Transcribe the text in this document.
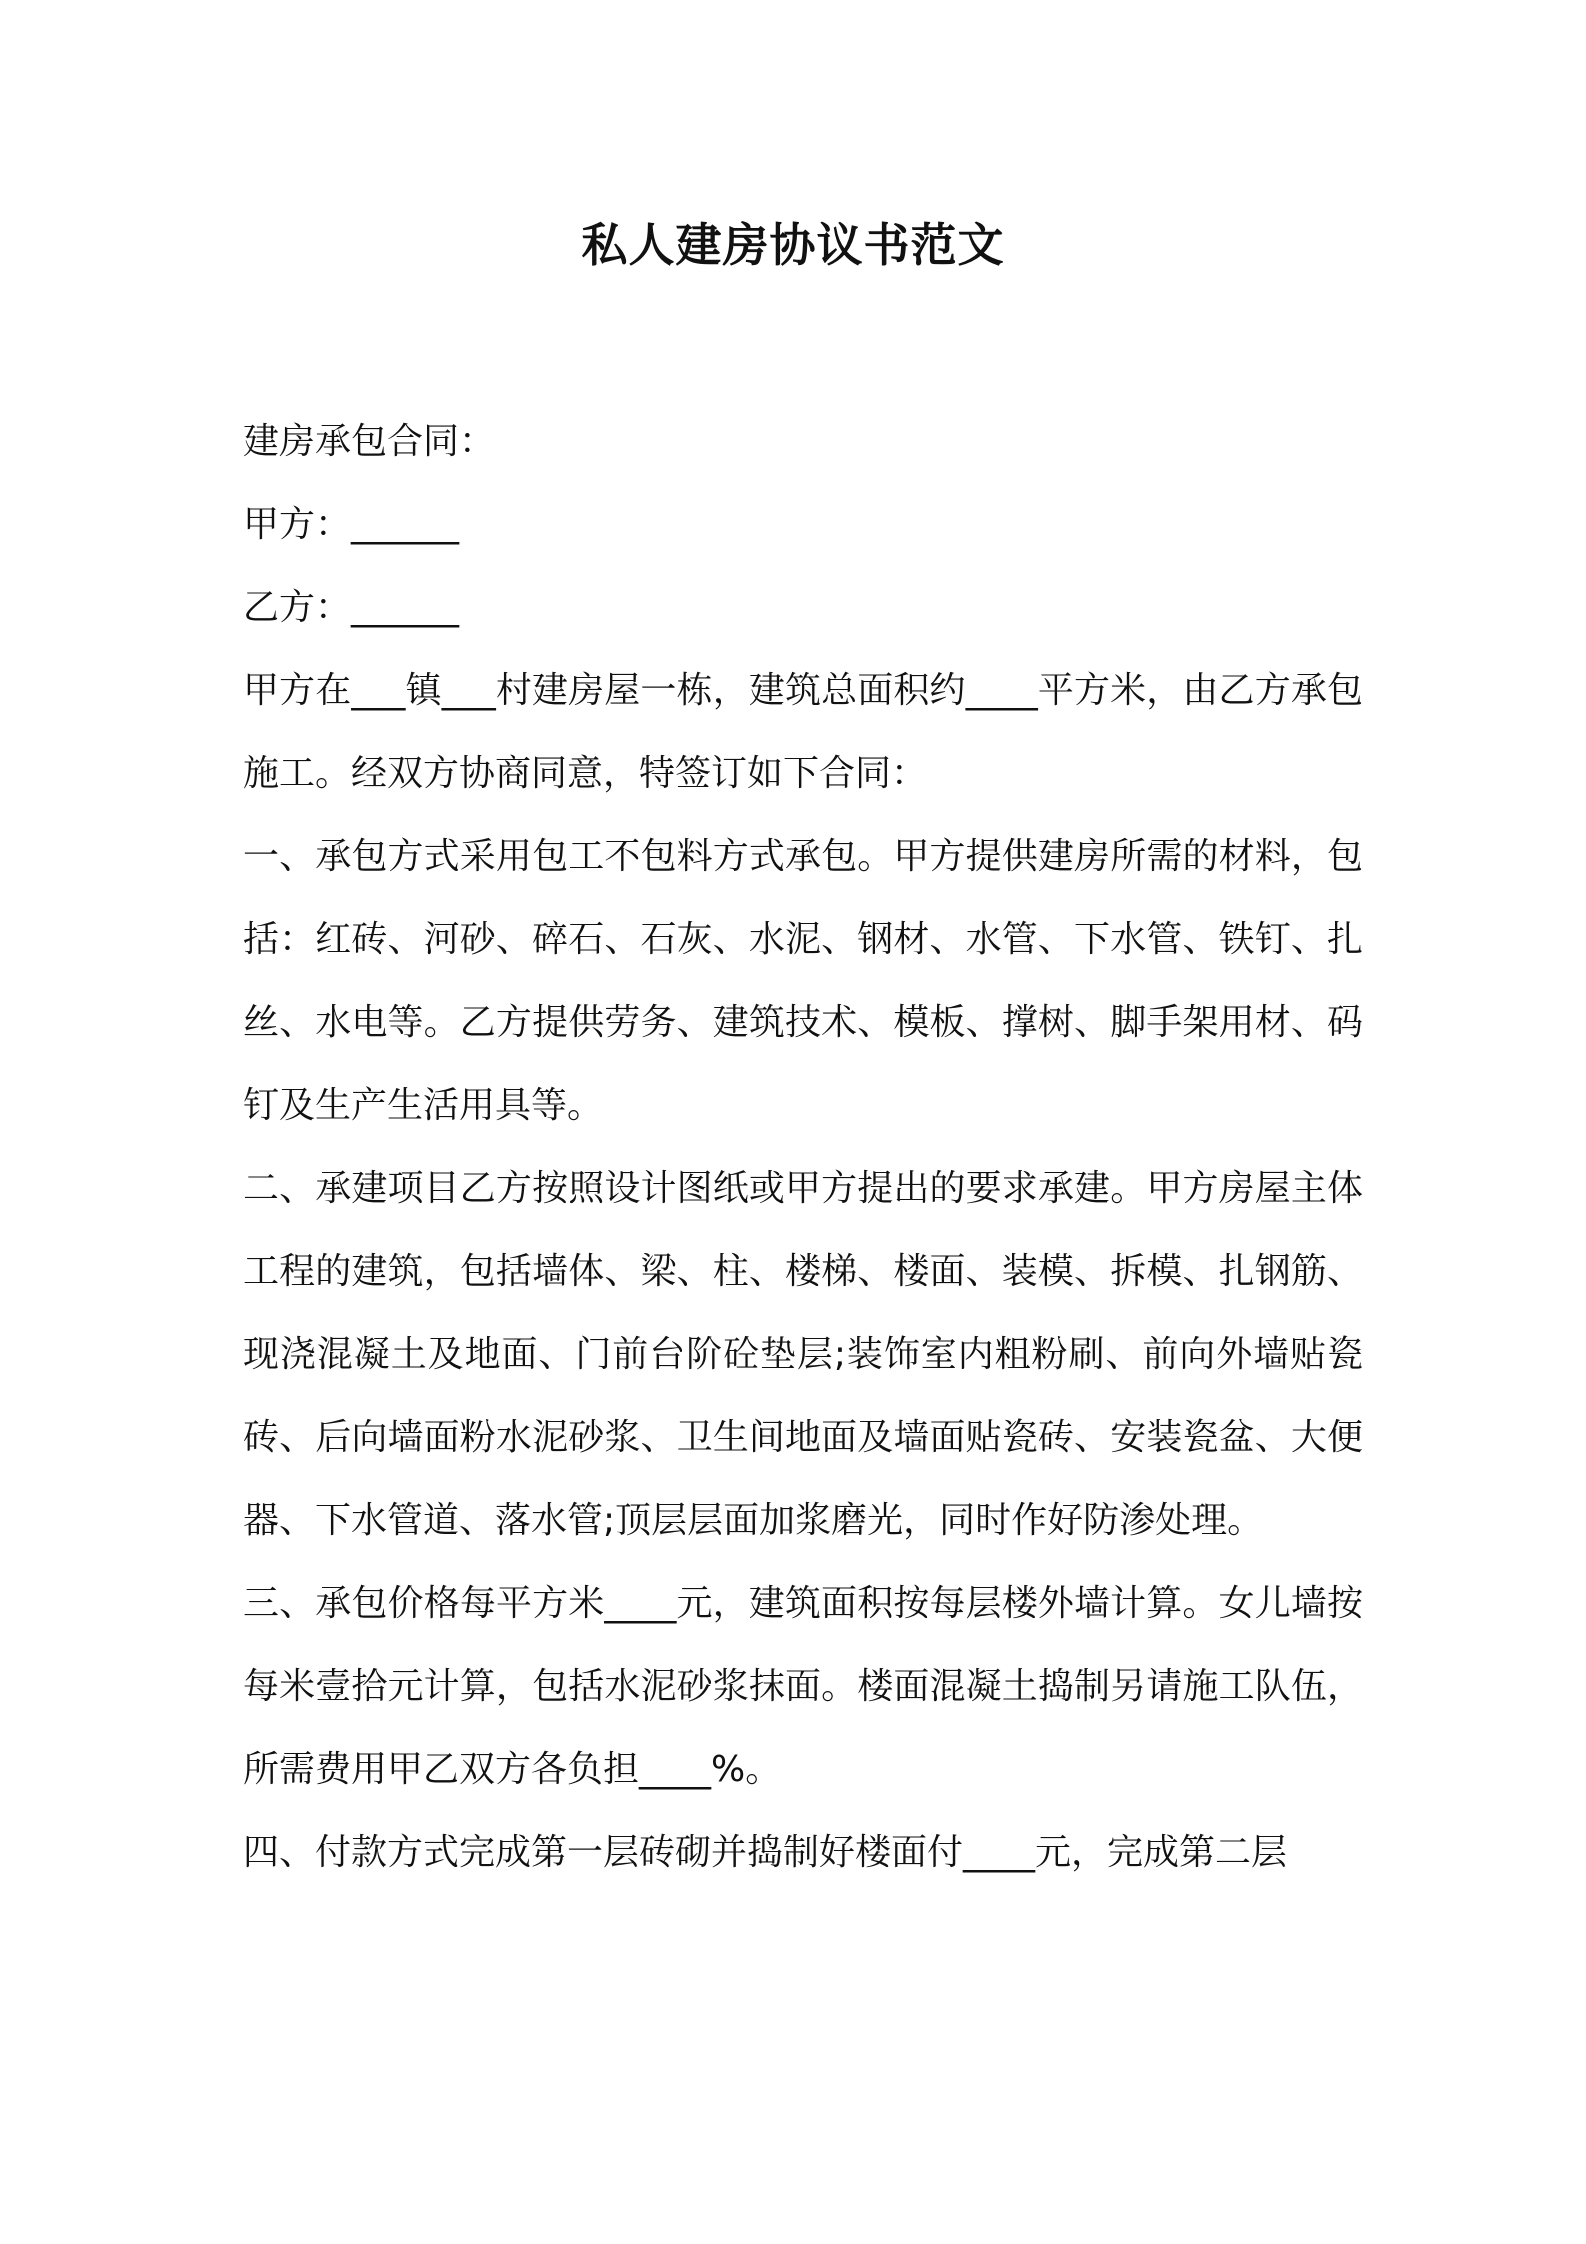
私人建房协议书范文

建房承包合同：

甲方：______

乙方：______

甲方在___镇___村建房屋一栋，建筑总面积约____平方米，由乙方承包施工。经双方协商同意，特签订如下合同：

一、承包方式采用包工不包料方式承包。甲方提供建房所需的材料，包括：红砖、河砂、碎石、石灰、水泥、钢材、水管、下水管、铁钉、扎丝、水电等。乙方提供劳务、建筑技术、模板、撑树、脚手架用材、码钉及生产生活用具等。

二、承建项目乙方按照设计图纸或甲方提出的要求承建。甲方房屋主体工程的建筑，包括墙体、梁、柱、楼梯、楼面、装模、拆模、扎钢筋、现浇混凝土及地面、门前台阶砼垫层;装饰室内粗粉刷、前向外墙贴瓷砖、后向墙面粉水泥砂浆、卫生间地面及墙面贴瓷砖、安装瓷盆、大便器、下水管道、落水管;顶层层面加浆磨光，同时作好防渗处理。

三、承包价格每平方米____元，建筑面积按每层楼外墙计算。女儿墙按每米壹拾元计算，包括水泥砂浆抹面。楼面混凝土捣制另请施工队伍，所需费用甲乙双方各负担____%。

四、付款方式完成第一层砖砌并捣制好楼面付____元，完成第二层
